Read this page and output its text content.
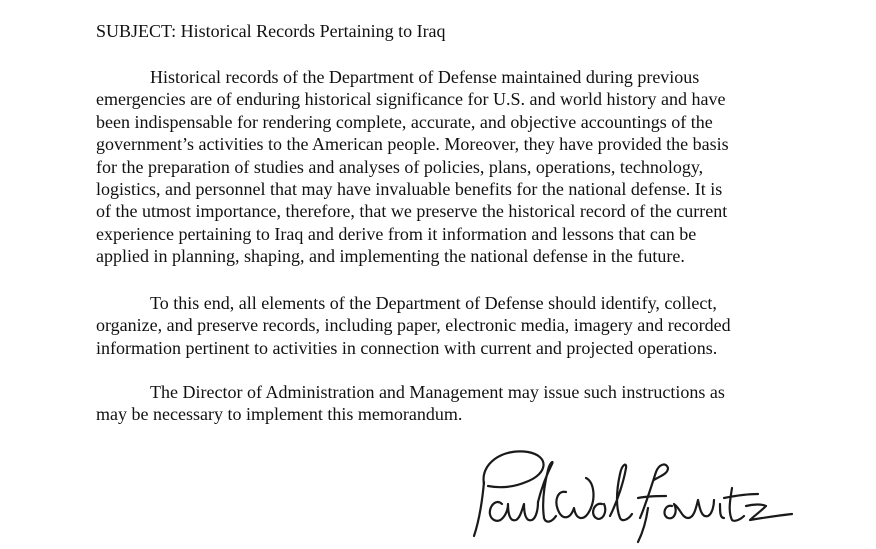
SUBJECT: Historical Records Pertaining to Iraq
Historical records of the Department of Defense maintained during previous
emergencies are of enduring historical significance for U.S. and world history and have
been indispensable for rendering complete, accurate, and objective accountings of the
government’s activities to the American people. Moreover, they have provided the basis
for the preparation of studies and analyses of policies, plans, operations, technology,
logistics, and personnel that may have invaluable benefits for the national defense. It is
of the utmost importance, therefore, that we preserve the historical record of the current
experience pertaining to Iraq and derive from it information and lessons that can be
applied in planning, shaping, and implementing the national defense in the future.
To this end, all elements of the Department of Defense should identify, collect,
organize, and preserve records, including paper, electronic media, imagery and recorded
information pertinent to activities in connection with current and projected operations.
The Director of Administration and Management may issue such instructions as
may be necessary to implement this memorandum.
